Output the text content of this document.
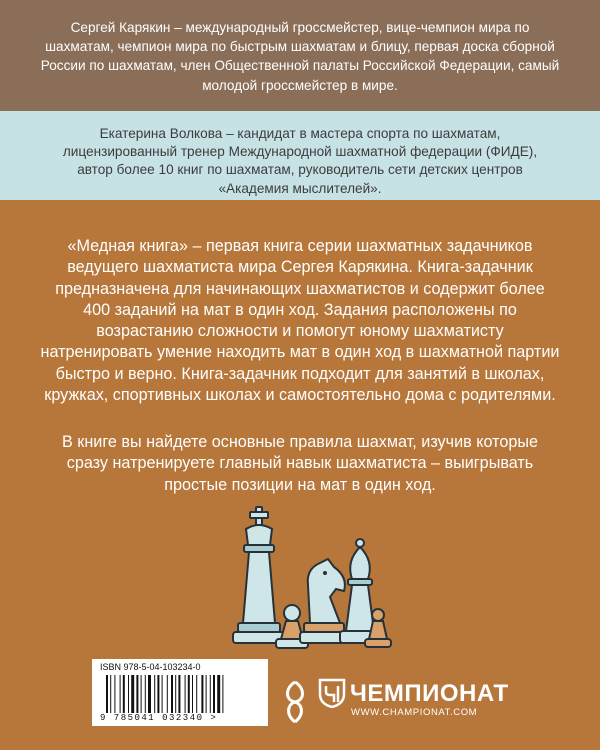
Сергей Карякин – международный гроссмейстер, вице-чемпион мира по шахматам, чемпион мира по быстрым шахматам и блицу, первая доска сборной России по шахматам, член Общественной палаты Российской Федерации, самый молодой гроссмейстер в мире.

Екатерина Волкова – кандидат в мастера спорта по шахматам, лицензированный тренер Международной шахматной федерации (ФИДЕ), автор более 10 книг по шахматам, руководитель сети детских центров «Академия мыслителей».

«Медная книга» – первая книга серии шахматных задачников ведущего шахматиста мира Сергея Карякина. Книга-задачник предназначена для начинающих шахматистов и содержит более 400 заданий на мат в один ход. Задания расположены по возрастанию сложности и помогут юному шахматисту натренировать умение находить мат в один ход в шахматной партии быстро и верно. Книга-задачник подходит для занятий в школах, кружках, спортивных школах и самостоятельно дома с родителями.

В книге вы найдете основные правила шахмат, изучив которые сразу натренируете главный навык шахматиста – выигрывать простые позиции на мат в один ход.

ISBN 978-5-04-103234-0
9 785041 032340 >
ЧЕМПИОНАТ
WWW.CHAMPIONAT.COM
